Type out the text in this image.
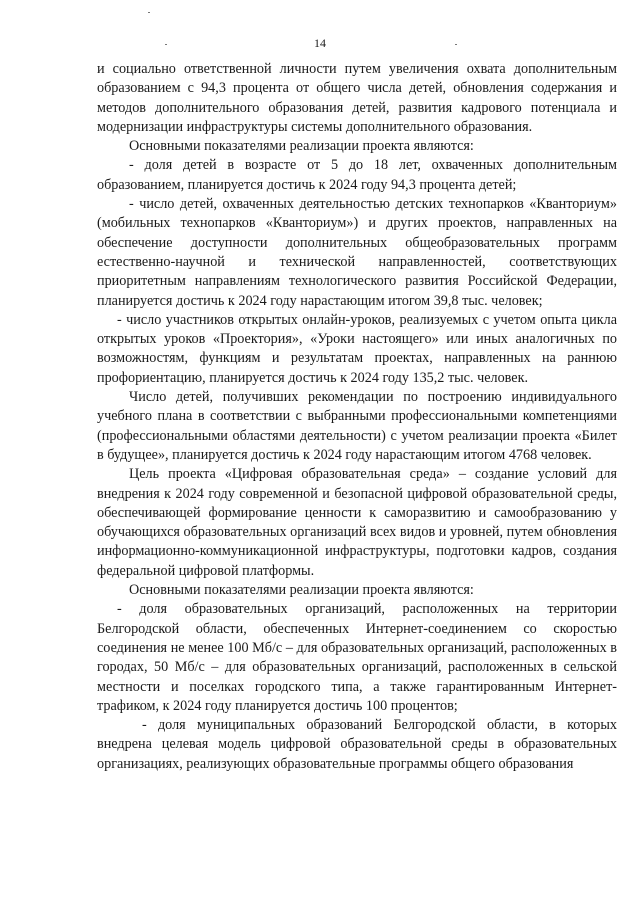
14

и социально ответственной личности путем увеличения охвата дополнительным образованием с 94,3 процента от общего числа детей, обновления содержания и методов дополнительного образования детей, развития кадрового потенциала и модернизации инфраструктуры системы дополнительного образования.

Основными показателями реализации проекта являются:

- доля детей в возрасте от 5 до 18 лет, охваченных дополнительным образованием, планируется достичь к 2024 году 94,3 процента детей;

- число детей, охваченных деятельностью детских технопарков «Кванториум» (мобильных технопарков «Кванториум») и других проектов, направленных на обеспечение доступности дополнительных общеобразовательных программ естественно-научной и технической направленностей, соответствующих приоритетным направлениям технологического развития Российской Федерации, планируется достичь к 2024 году нарастающим итогом 39,8 тыс. человек;

- число участников открытых онлайн-уроков, реализуемых с учетом опыта цикла открытых уроков «Проектория», «Уроки настоящего» или иных аналогичных по возможностям, функциям и результатам проектах, направленных на раннюю профориентацию, планируется достичь к 2024 году 135,2 тыс. человек.

Число детей, получивших рекомендации по построению индивидуального учебного плана в соответствии с выбранными профессиональными компетенциями (профессиональными областями деятельности) с учетом реализации проекта «Билет в будущее», планируется достичь к 2024 году нарастающим итогом 4768 человек.

Цель проекта «Цифровая образовательная среда» – создание условий для внедрения к 2024 году современной и безопасной цифровой образовательной среды, обеспечивающей формирование ценности к саморазвитию и самообразованию у обучающихся образовательных организаций всех видов и уровней, путем обновления информационно-коммуникационной инфраструктуры, подготовки кадров, создания федеральной цифровой платформы.

Основными показателями реализации проекта являются:

- доля образовательных организаций, расположенных на территории Белгородской области, обеспеченных Интернет-соединением со скоростью соединения не менее 100 Мб/с – для образовательных организаций, расположенных в городах, 50 Мб/с – для образовательных организаций, расположенных в сельской местности и поселках городского типа, а также гарантированным Интернет-трафиком, к 2024 году планируется достичь 100 процентов;

- доля муниципальных образований Белгородской области, в которых внедрена целевая модель цифровой образовательной среды в образовательных организациях, реализующих образовательные программы общего образования
